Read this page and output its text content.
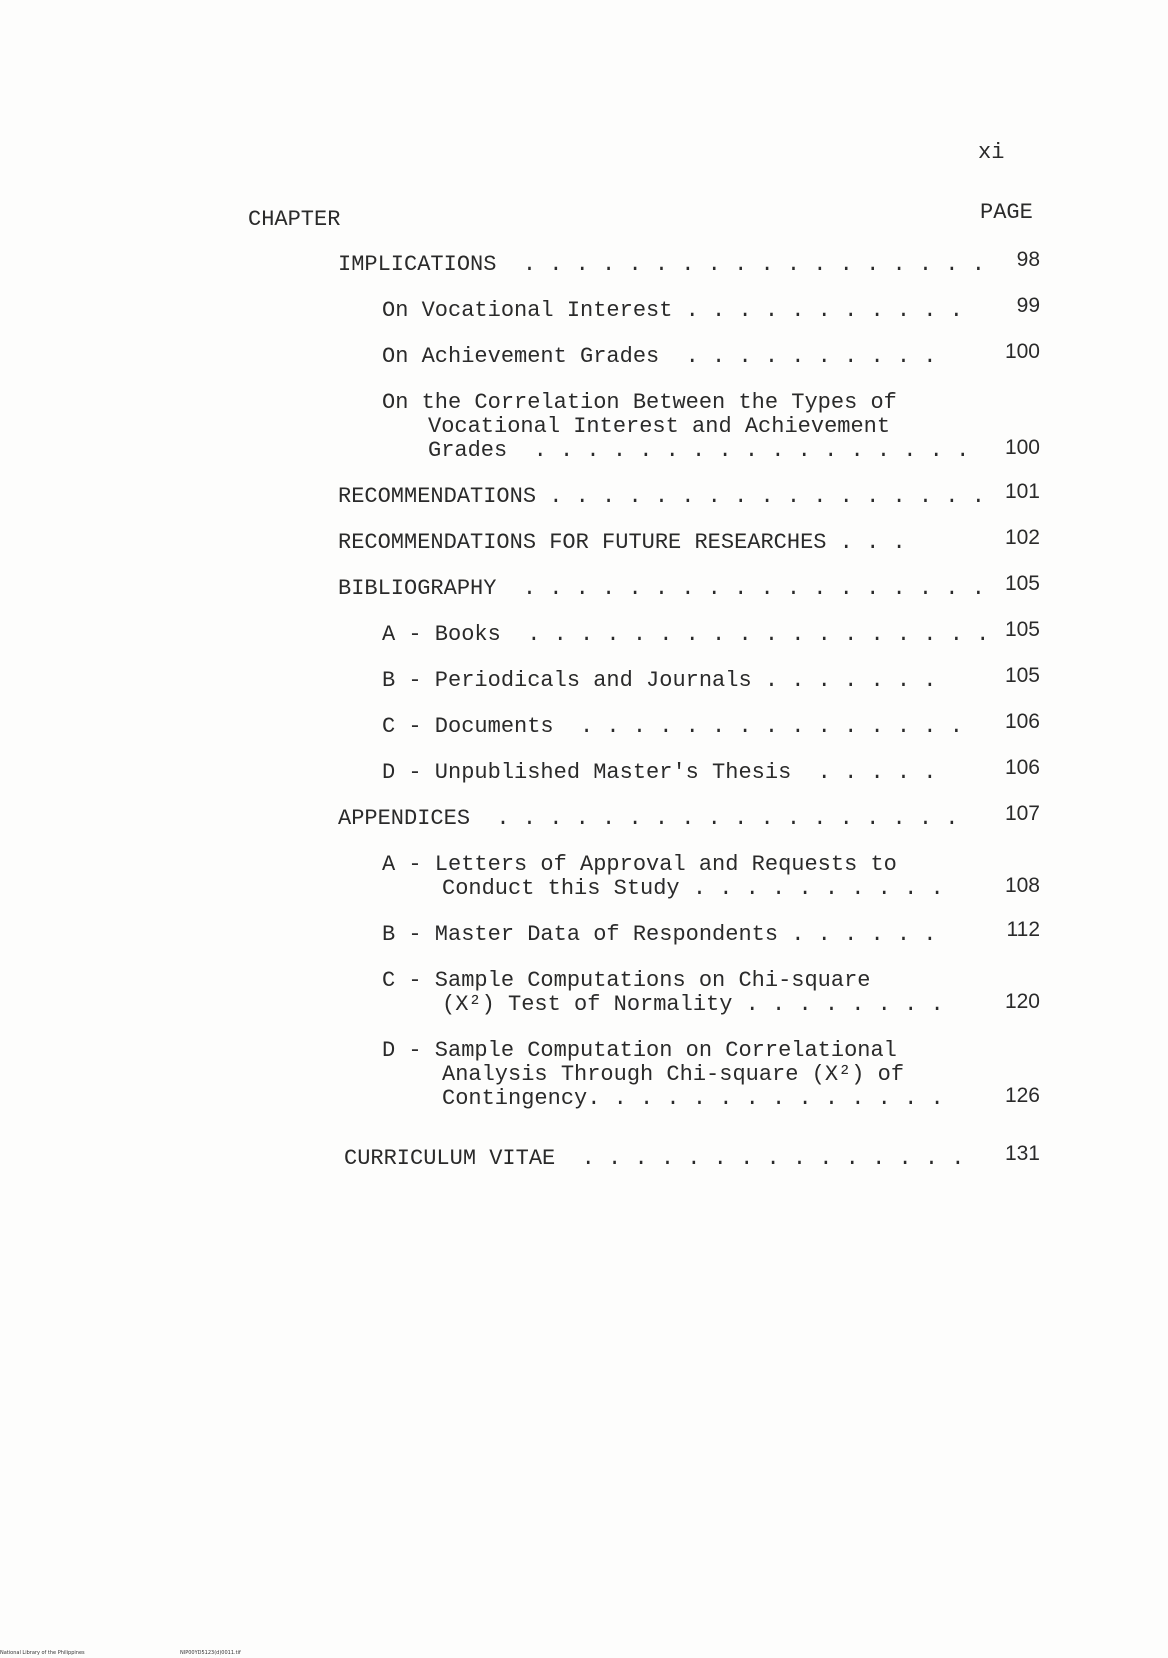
xi
CHAPTER	PAGE
IMPLICATIONS  . . . . . . . . . . . . . . . . . .	98
On Vocational Interest . . . . . . . . . . .	99
On Achievement Grades  . . . . . . . . . .	100
On the Correlation Between the Types of
Vocational Interest and Achievement
Grades  . . . . . . . . . . . . . . . . .	100
RECOMMENDATIONS . . . . . . . . . . . . . . . . . 101
RECOMMENDATIONS FOR FUTURE RESEARCHES . . .	102
BIBLIOGRAPHY  . . . . . . . . . . . . . . . . . . 105
A - Books  . . . . . . . . . . . . . . . . . . 105
B - Periodicals and Journals . . . . . . .	105
C - Documents  . . . . . . . . . . . . . . .	106
D - Unpublished Master's Thesis  . . . . .	106
APPENDICES  . . . . . . . . . . . . . . . . . .	107
A - Letters of Approval and Requests to
Conduct this Study . . . . . . . . . .	108
B - Master Data of Respondents . . . . . .	112
C - Sample Computations on Chi-square
(X²) Test of Normality . . . . . . . .	120
D - Sample Computation on Correlational
Analysis Through Chi-square (X²) of
Contingency. . . . . . . . . . . . . .	126
CURRICULUM VITAE  . . . . . . . . . . . . . . .	131
National Library of the Philippines	NIP00YD5123(d)0011.tif
